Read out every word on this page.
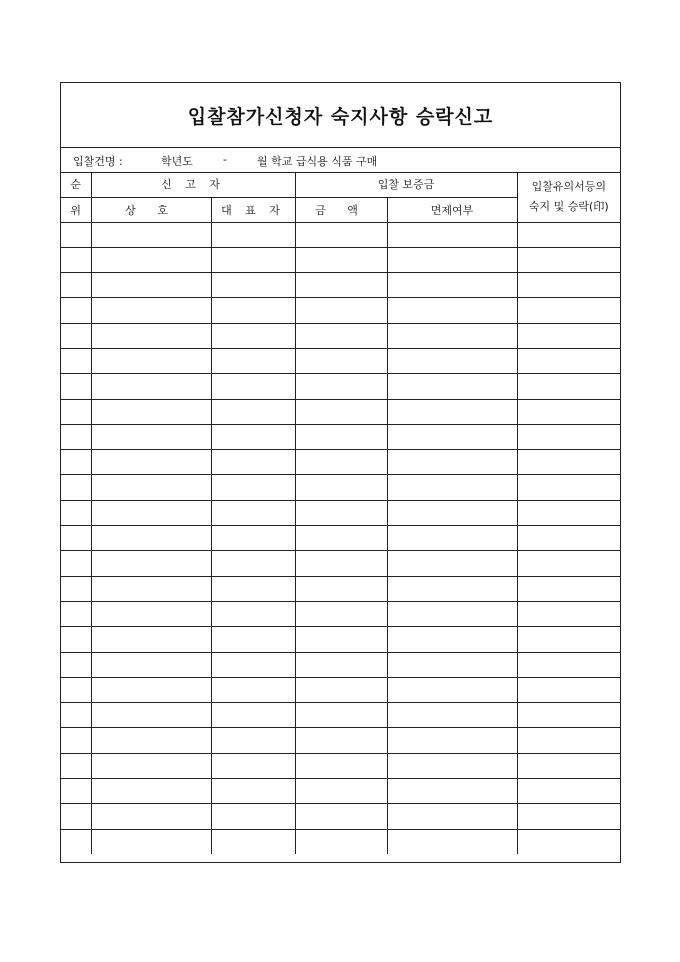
입찰참가신청자 숙지사항 승락신고
입찰건명 :	학년도	-	월 학교 급식용 식품 구매
순	신 고 자		입찰 보증금		입찰유의서등의
숙지 및 승락(印)

위	상 호	대 표 자	금 액	면제여부	
